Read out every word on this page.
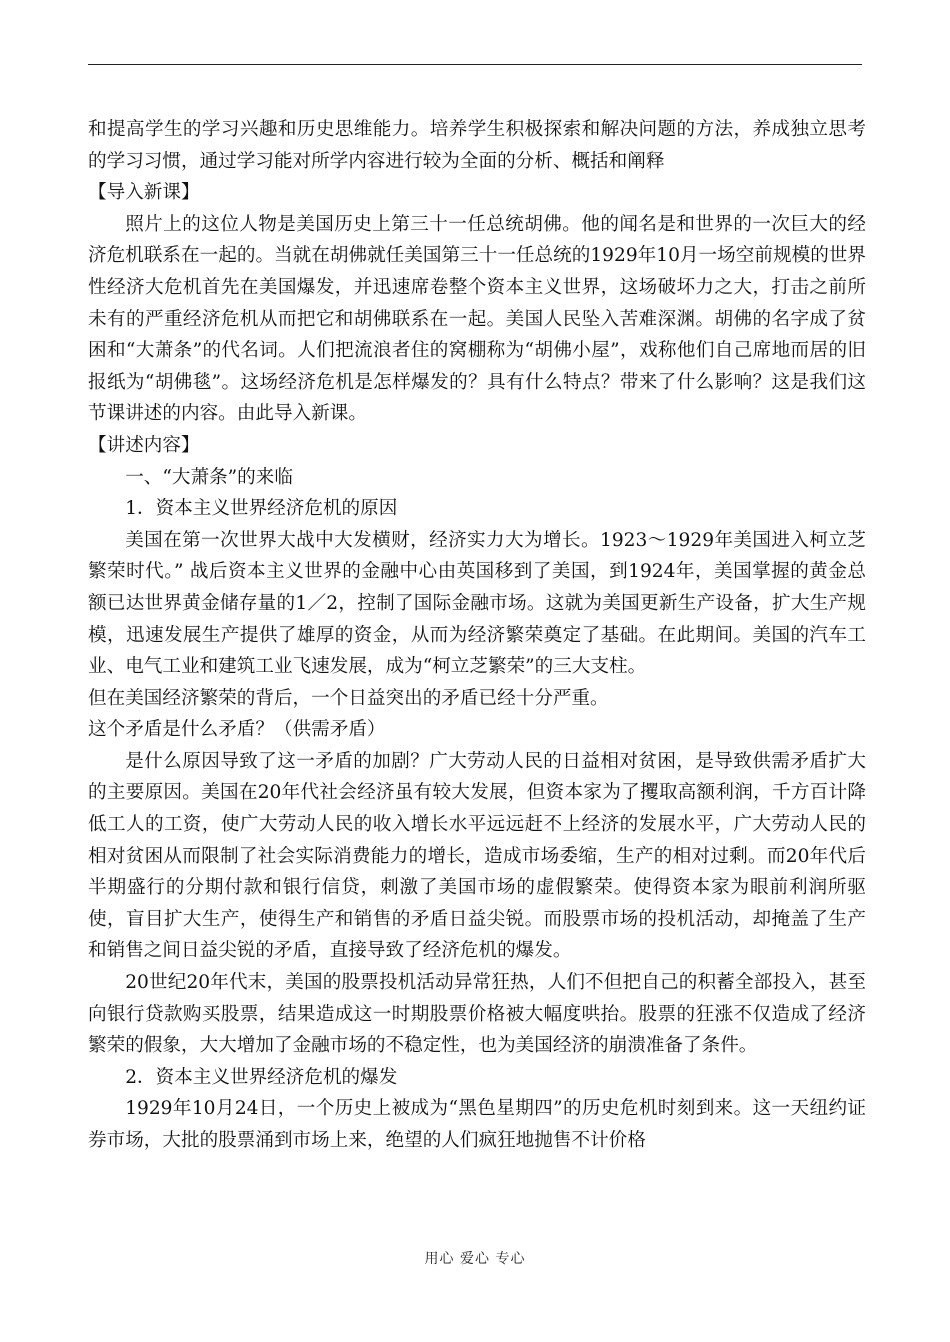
和提高学生的学习兴趣和历史思维能力。培养学生积极探索和解决问题的方法，养成独立思考的学习习惯，通过学习能对所学内容进行较为全面的分析、概括和阐释

【导入新课】

照片上的这位人物是美国历史上第三十一任总统胡佛。他的闻名是和世界的一次巨大的经济危机联系在一起的。当就在胡佛就任美国第三十一任总统的1929年10月一场空前规模的世界性经济大危机首先在美国爆发，并迅速席卷整个资本主义世界，这场破坏力之大，打击之前所未有的严重经济危机从而把它和胡佛联系在一起。美国人民坠入苦难深渊。胡佛的名字成了贫困和“大萧条”的代名词。人们把流浪者住的窝棚称为“胡佛小屋”，戏称他们自己席地而居的旧报纸为“胡佛毯”。这场经济危机是怎样爆发的？具有什么特点？带来了什么影响？这是我们这节课讲述的内容。由此导入新课。

【讲述内容】

一、“大萧条”的来临

1．资本主义世界经济危机的原因

美国在第一次世界大战中大发横财，经济实力大为增长。1923～1929年美国进入柯立芝繁荣时代。” 战后资本主义世界的金融中心由英国移到了美国，到1924年，美国掌握的黄金总额已达世界黄金储存量的1／2，控制了国际金融市场。这就为美国更新生产设备，扩大生产规模，迅速发展生产提供了雄厚的资金，从而为经济繁荣奠定了基础。在此期间。美国的汽车工业、电气工业和建筑工业飞速发展，成为“柯立芝繁荣”的三大支柱。

但在美国经济繁荣的背后，一个日益突出的矛盾已经十分严重。

这个矛盾是什么矛盾？（供需矛盾）

是什么原因导致了这一矛盾的加剧？广大劳动人民的日益相对贫困，是导致供需矛盾扩大的主要原因。美国在20年代社会经济虽有较大发展，但资本家为了攫取高额利润，千方百计降低工人的工资，使广大劳动人民的收入增长水平远远赶不上经济的发展水平，广大劳动人民的相对贫困从而限制了社会实际消费能力的增长，造成市场委缩，生产的相对过剩。而20年代后半期盛行的分期付款和银行信贷，刺激了美国市场的虚假繁荣。使得资本家为眼前利润所驱使，盲目扩大生产，使得生产和销售的矛盾日益尖锐。而股票市场的投机活动，却掩盖了生产和销售之间日益尖锐的矛盾，直接导致了经济危机的爆发。

20世纪20年代末，美国的股票投机活动异常狂热，人们不但把自己的积蓄全部投入，甚至向银行贷款购买股票，结果造成这一时期股票价格被大幅度哄抬。股票的狂涨不仅造成了经济繁荣的假象，大大增加了金融市场的不稳定性，也为美国经济的崩溃准备了条件。

2．资本主义世界经济危机的爆发

1929年10月24日，一个历史上被成为“黑色星期四”的历史危机时刻到来。这一天纽约证券市场，大批的股票涌到市场上来，绝望的人们疯狂地抛售不计价格

用心 爱心 专心
